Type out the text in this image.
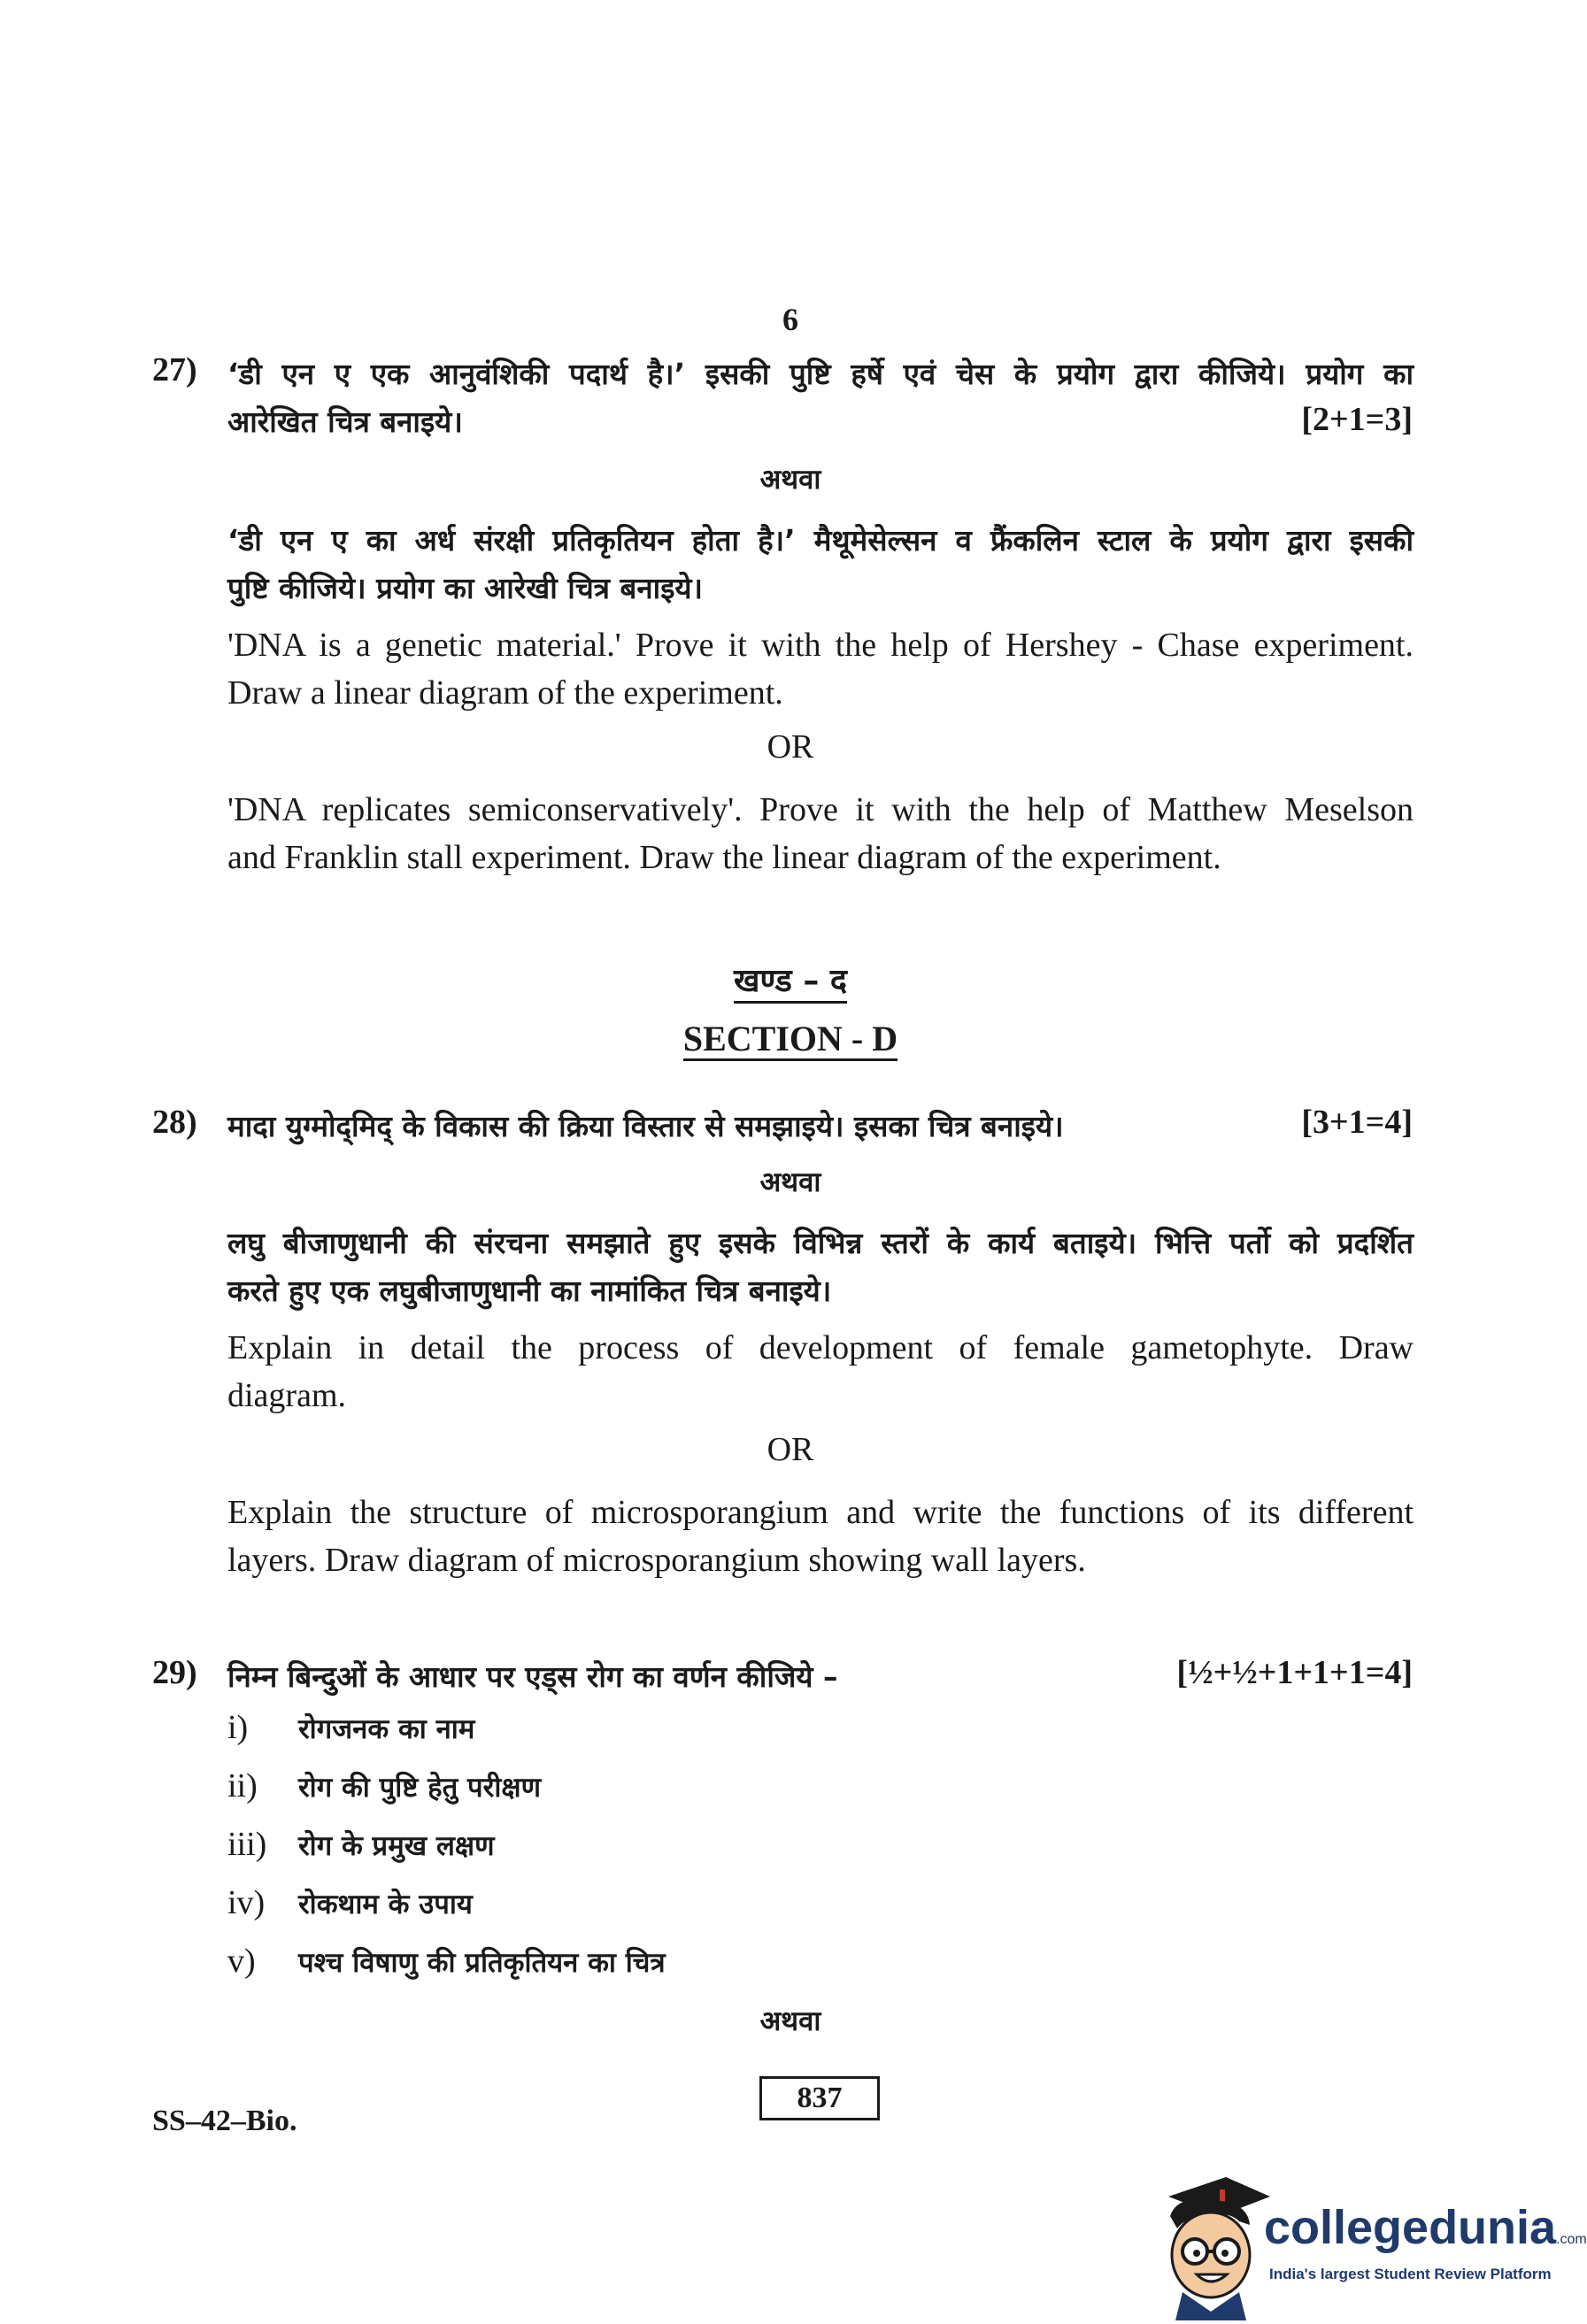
6
27) ‘डी एन ए एक आनुवंशिकी पदार्थ है।’ इसकी पुष्टि हर्षे एवं चेस के प्रयोग द्वारा कीजिये। प्रयोग का
आरेखित चित्र बनाइये।	[2+1=3]
अथवा
‘डी एन ए का अर्ध संरक्षी प्रतिकृतियन होता है।’ मैथूमेसेल्सन व फ्रैंकलिन स्टाल के प्रयोग द्वारा इसकी
पुष्टि कीजिये। प्रयोग का आरेखी चित्र बनाइये।
'DNA is a genetic material.' Prove it with the help of Hershey - Chase experiment.
Draw a linear diagram of the experiment.
OR
'DNA replicates semiconservatively'. Prove it with the help of Matthew Meselson
and Franklin stall experiment. Draw the linear diagram of the experiment.
खण्ड – द
SECTION - D
28) मादा युग्मोद्‌मिद्‌ के विकास की क्रिया विस्तार से समझाइये। इसका चित्र बनाइये।	[3+1=4]
अथवा
लघु बीजाणुधानी की संरचना समझाते हुए इसके विभिन्न स्तरों के कार्य बताइये। भित्ति पर्तो को प्रदर्शित
करते हुए एक लघुबीजाणुधानी का नामांकित चित्र बनाइये।
Explain in detail the process of development of female gametophyte. Draw
diagram.
OR
Explain the structure of microsporangium and write the functions of its different
layers. Draw diagram of microsporangium showing wall layers.
29) निम्न बिन्दुओं के आधार पर एड्स रोग का वर्णन कीजिये –	[½+½+1+1+1=4]
i) रोगजनक का नाम
ii) रोग की पुष्टि हेतु परीक्षण
iii) रोग के प्रमुख लक्षण
iv) रोकथाम के उपाय
v) पश्च विषाणु की प्रतिकृतियन का चित्र
अथवा
SS–42–Bio.
837
collegedunia.com
India's largest Student Review Platform
